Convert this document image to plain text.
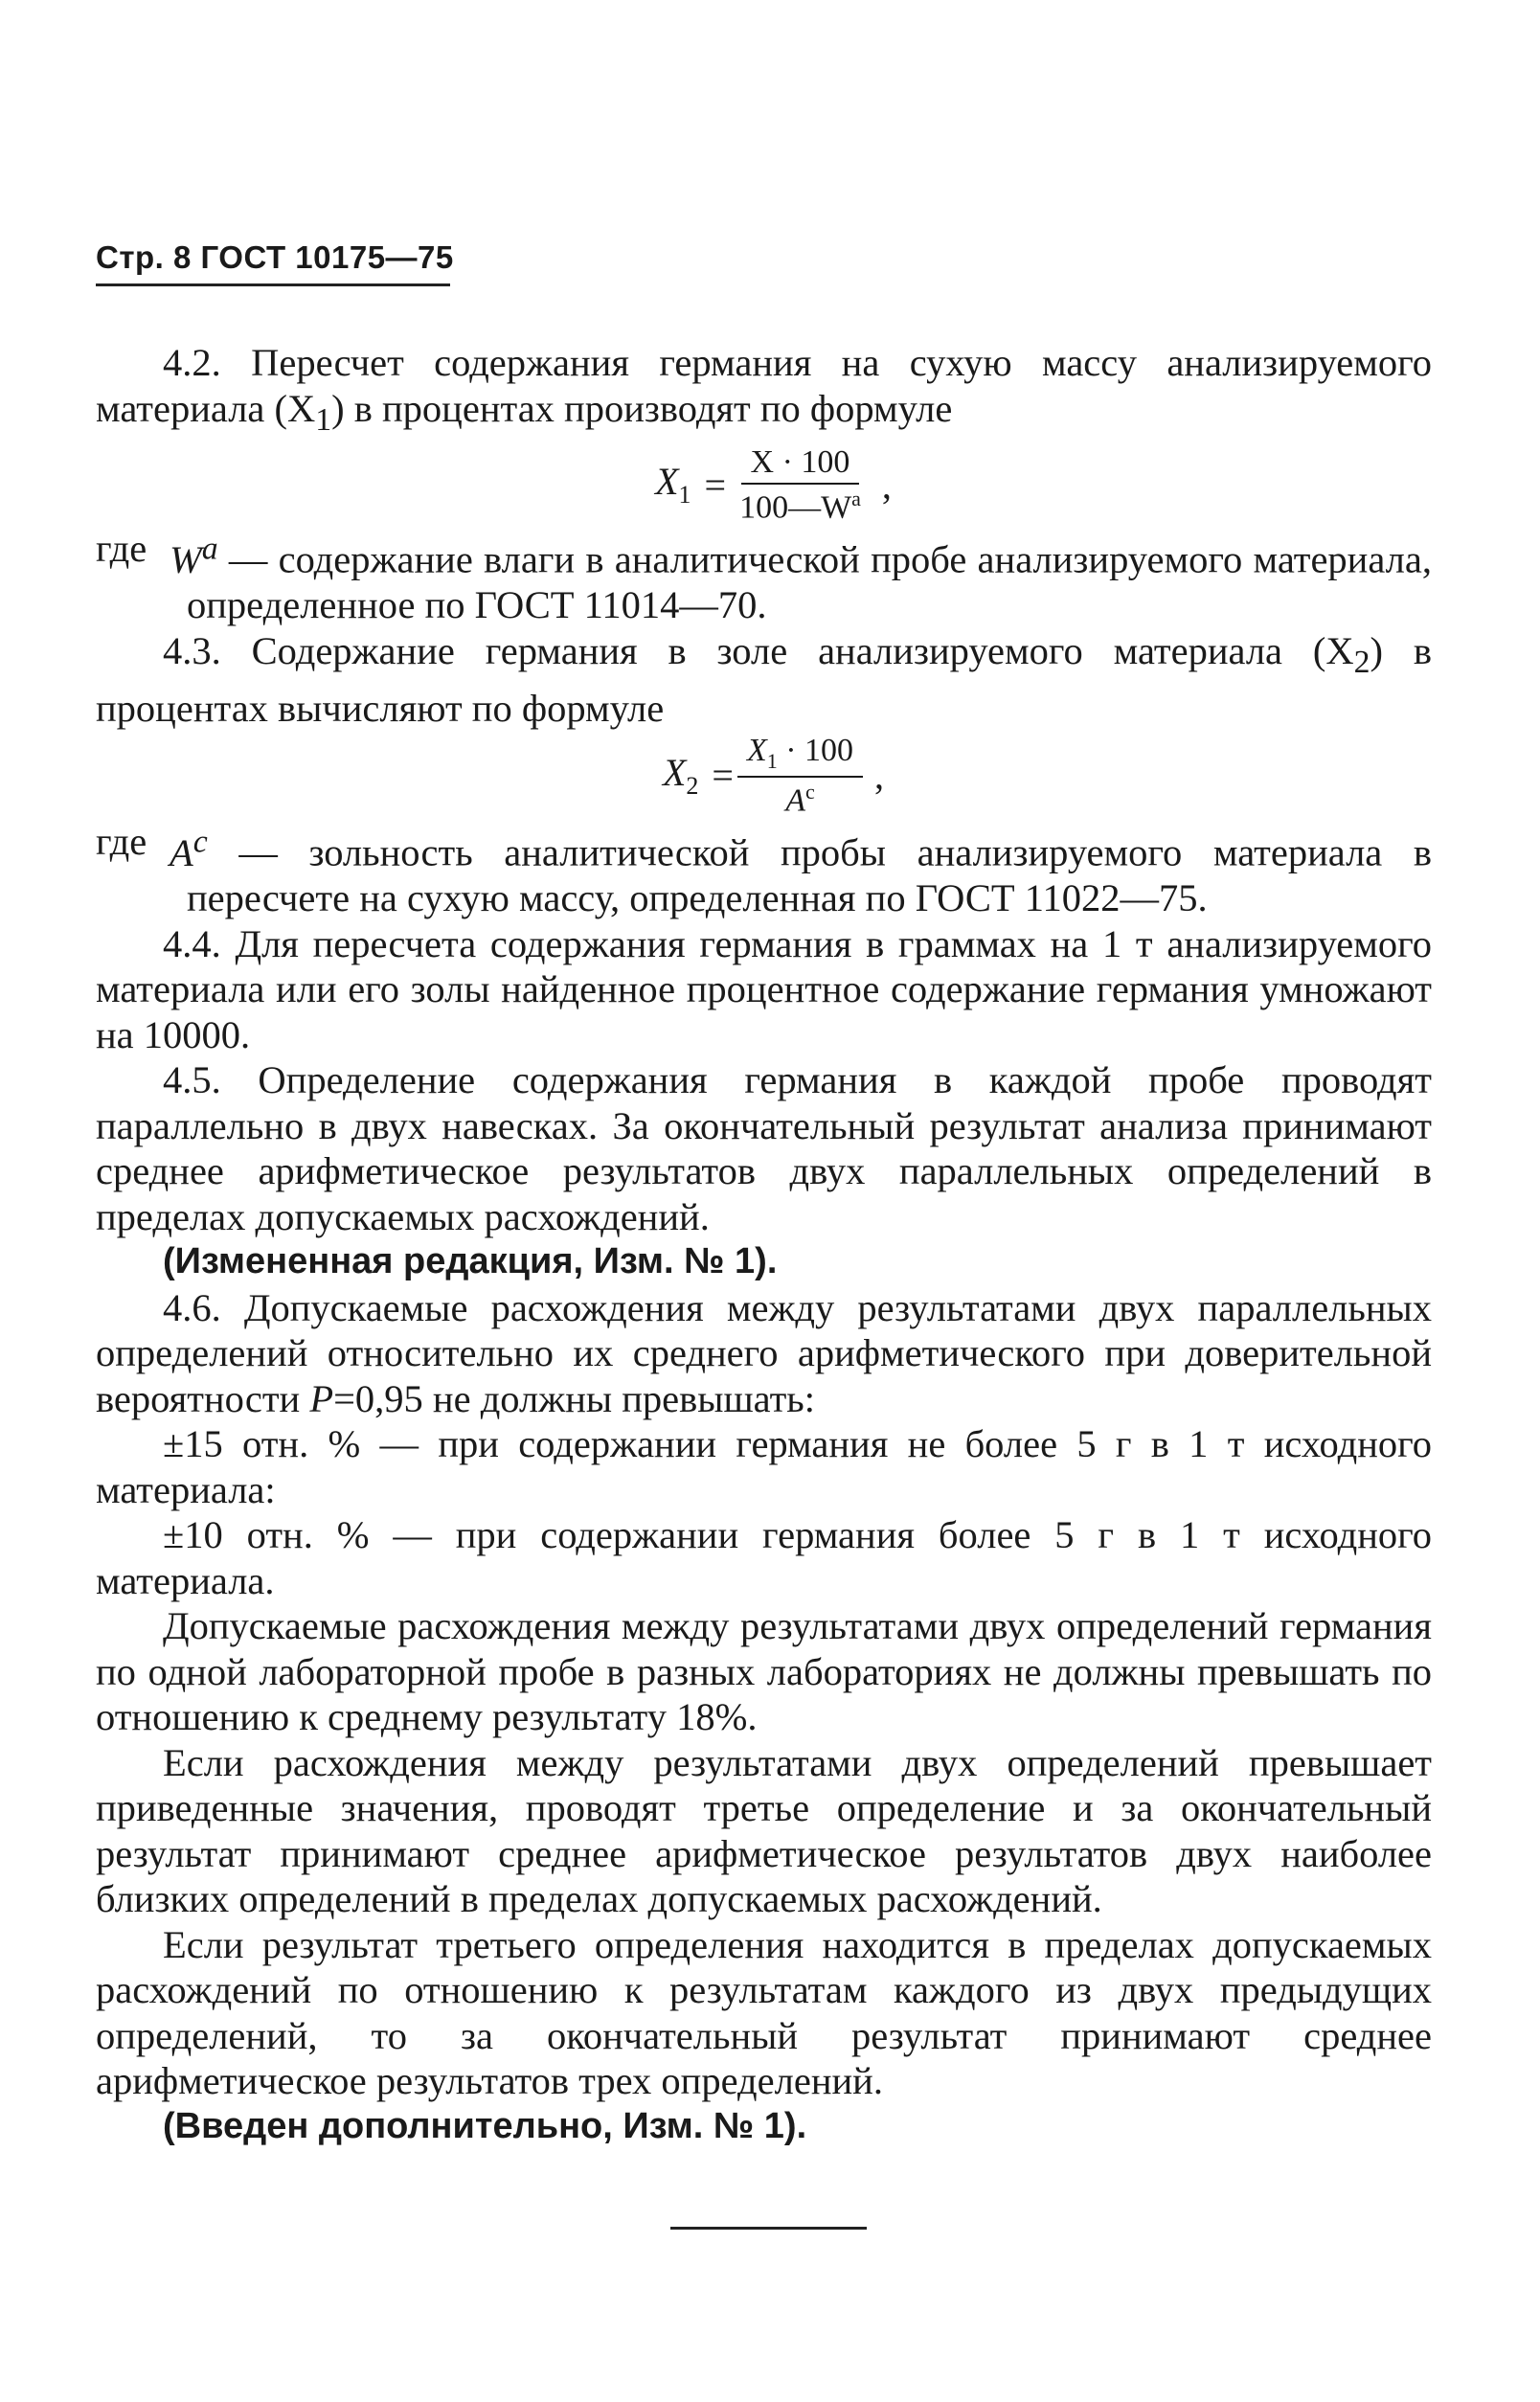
Стр. 8 ГОСТ 10175—75

4.2. Пересчет содержания германия на сухую массу анализируемого материала $(X_1)$ в процентах производят по формуле

$X_1 = \frac{X \cdot 100}{100—W^a}$ ,
где $W^a$ — содержание влаги в аналитической пробе анализируемого материала, определенное по ГОСТ 11014—70.

4.3. Содержание германия в золе анализируемого материала $(X_2)$ в процентах вычисляют по формуле

$X_2 = \frac{X_1 \cdot 100}{A^c}$ ,
где $A^c$ — зольность аналитической пробы анализируемого материала в пересчете на сухую массу, определенная по ГОСТ 11022—75.

4.4. Для пересчета содержания германия в граммах на 1 т анализируемого материала или его золы найденное процентное содержание германия умножают на 10000.

4.5. Определение содержания германия в каждой пробе проводят параллельно в двух навесках. За окончательный результат анализа принимают среднее арифметическое результатов двух параллельных определений в пределах допускаемых расхождений.

(Измененная редакция, Изм. № 1).

4.6. Допускаемые расхождения между результатами двух параллельных определений относительно их среднего арифметического при доверительной вероятности P=0,95 не должны превышать:

±15 отн. % — при содержании германия не более 5 г в 1 т исходного материала:

±10 отн. % — при содержании германия более 5 г в 1 т исходного материала.

Допускаемые расхождения между результатами двух определений германия по одной лабораторной пробе в разных лабораториях не должны превышать по отношению к среднему результату 18%.

Если расхождения между результатами двух определений превышает приведенные значения, проводят третье определение и за окончательный результат принимают среднее арифметическое результатов двух наиболее близких определений в пределах допускаемых расхождений.

Если результат третьего определения находится в пределах допускаемых расхождений по отношению к результатам каждого из двух предыдущих определений, то за окончательный результат принимают среднее арифметическое результатов трех определений.

(Введен дополнительно, Изм. № 1).
